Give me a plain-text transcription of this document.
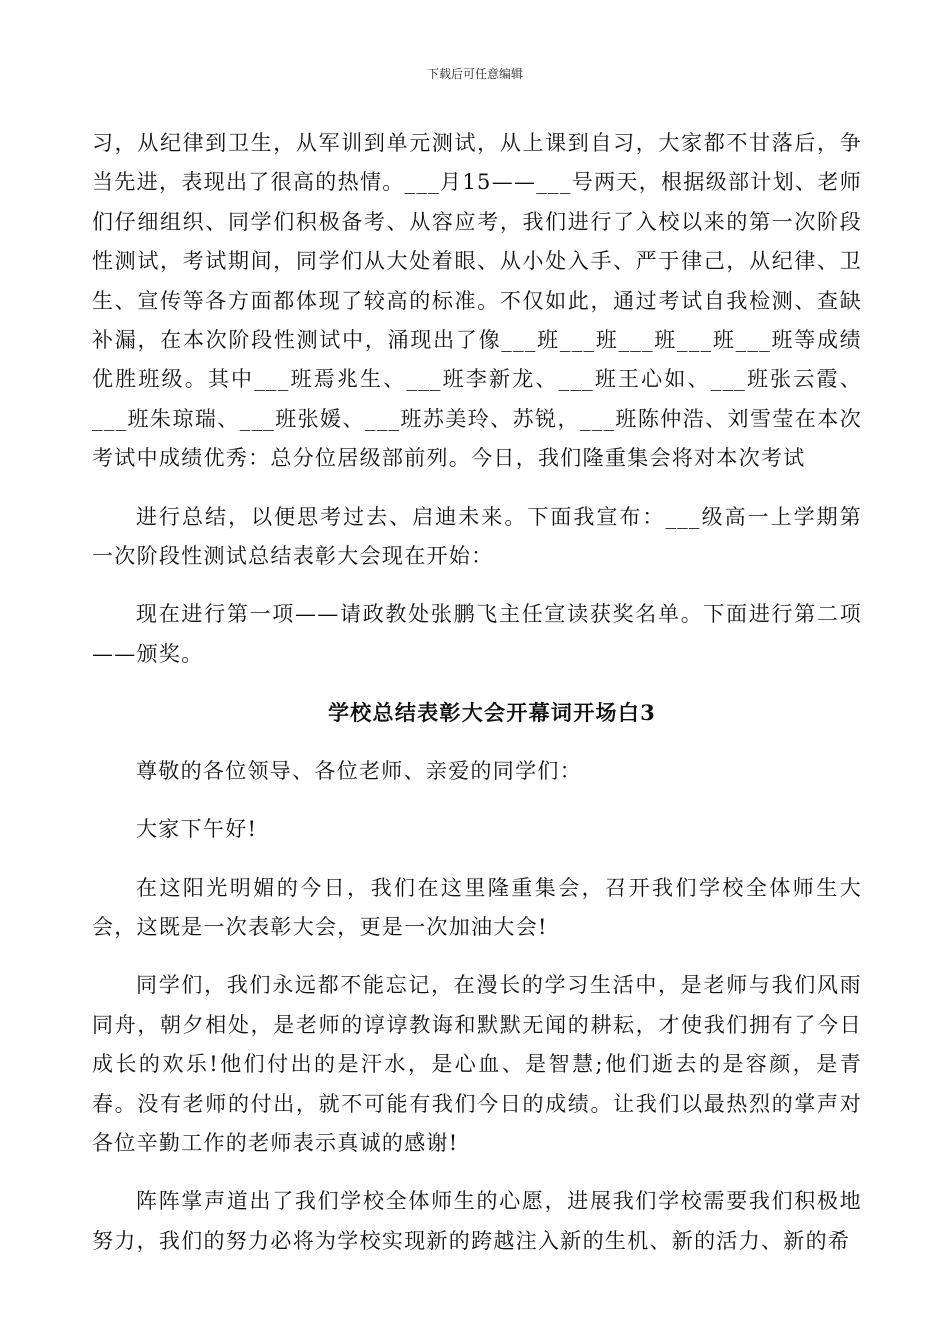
下载后可任意编辑

习，从纪律到卫生，从军训到单元测试，从上课到自习，大家都不甘落后，争当先进，表现出了很高的热情。___月15——___号两天，根据级部计划、老师们仔细组织、同学们积极备考、从容应考，我们进行了入校以来的第一次阶段性测试，考试期间，同学们从大处着眼、从小处入手、严于律己，从纪律、卫生、宣传等各方面都体现了较高的标准。不仅如此，通过考试自我检测、查缺补漏，在本次阶段性测试中，涌现出了像___班___班___班___班___班等成绩优胜班级。其中___班焉兆生、___班李新龙、___班王心如、___班张云霞、___班朱琼瑞、___班张媛、___班苏美玲、苏锐，___班陈仲浩、刘雪莹在本次考试中成绩优秀：总分位居级部前列。今日，我们隆重集会将对本次考试

进行总结，以便思考过去、启迪未来。下面我宣布：___级高一上学期第一次阶段性测试总结表彰大会现在开始：

现在进行第一项——请政教处张鹏飞主任宣读获奖名单。下面进行第二项——颁奖。

学校总结表彰大会开幕词开场白3

尊敬的各位领导、各位老师、亲爱的同学们：

大家下午好!

在这阳光明媚的今日，我们在这里隆重集会，召开我们学校全体师生大会，这既是一次表彰大会，更是一次加油大会!

同学们，我们永远都不能忘记，在漫长的学习生活中，是老师与我们风雨同舟，朝夕相处，是老师的谆谆教诲和默默无闻的耕耘，才使我们拥有了今日成长的欢乐!他们付出的是汗水，是心血、是智慧;他们逝去的是容颜，是青春。没有老师的付出，就不可能有我们今日的成绩。让我们以最热烈的掌声对各位辛勤工作的老师表示真诚的感谢!

阵阵掌声道出了我们学校全体师生的心愿，进展我们学校需要我们积极地努力，我们的努力必将为学校实现新的跨越注入新的生机、新的活力、新的希
